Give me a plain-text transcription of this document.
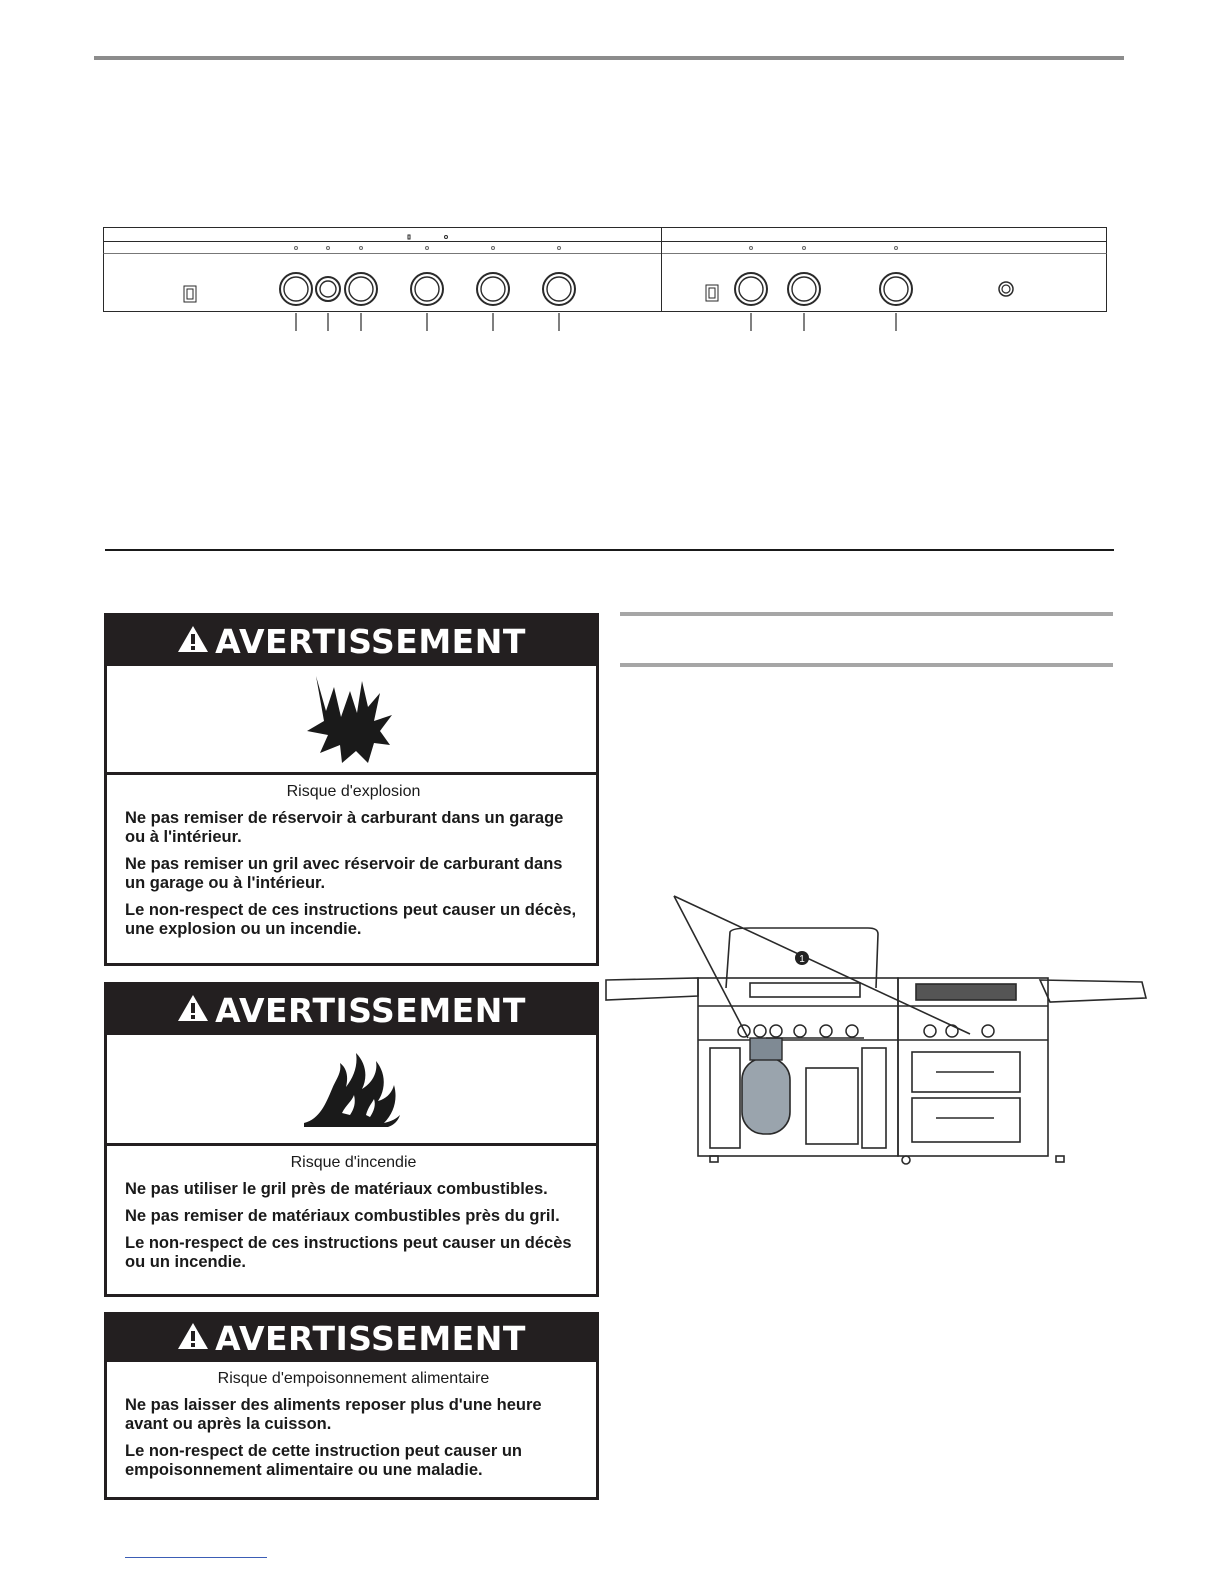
AVERTISSEMENT

Risque d'explosion

Ne pas remiser de réservoir à carburant dans un garage ou à l'intérieur.

Ne pas remiser un gril avec réservoir de carburant dans un garage ou à l'intérieur.

Le non-respect de ces instructions peut causer un décès, une explosion ou un incendie.

AVERTISSEMENT

Risque d'incendie

Ne pas utiliser le gril près de matériaux combustibles.

Ne pas remiser de matériaux combustibles près du gril.

Le non-respect de ces instructions peut causer un décès ou un incendie.

AVERTISSEMENT

Risque d'empoisonnement alimentaire

Ne pas laisser des aliments reposer plus d'une heure avant ou après la cuisson.

Le non-respect de cette instruction peut causer un empoisonnement alimentaire ou une maladie.

1
